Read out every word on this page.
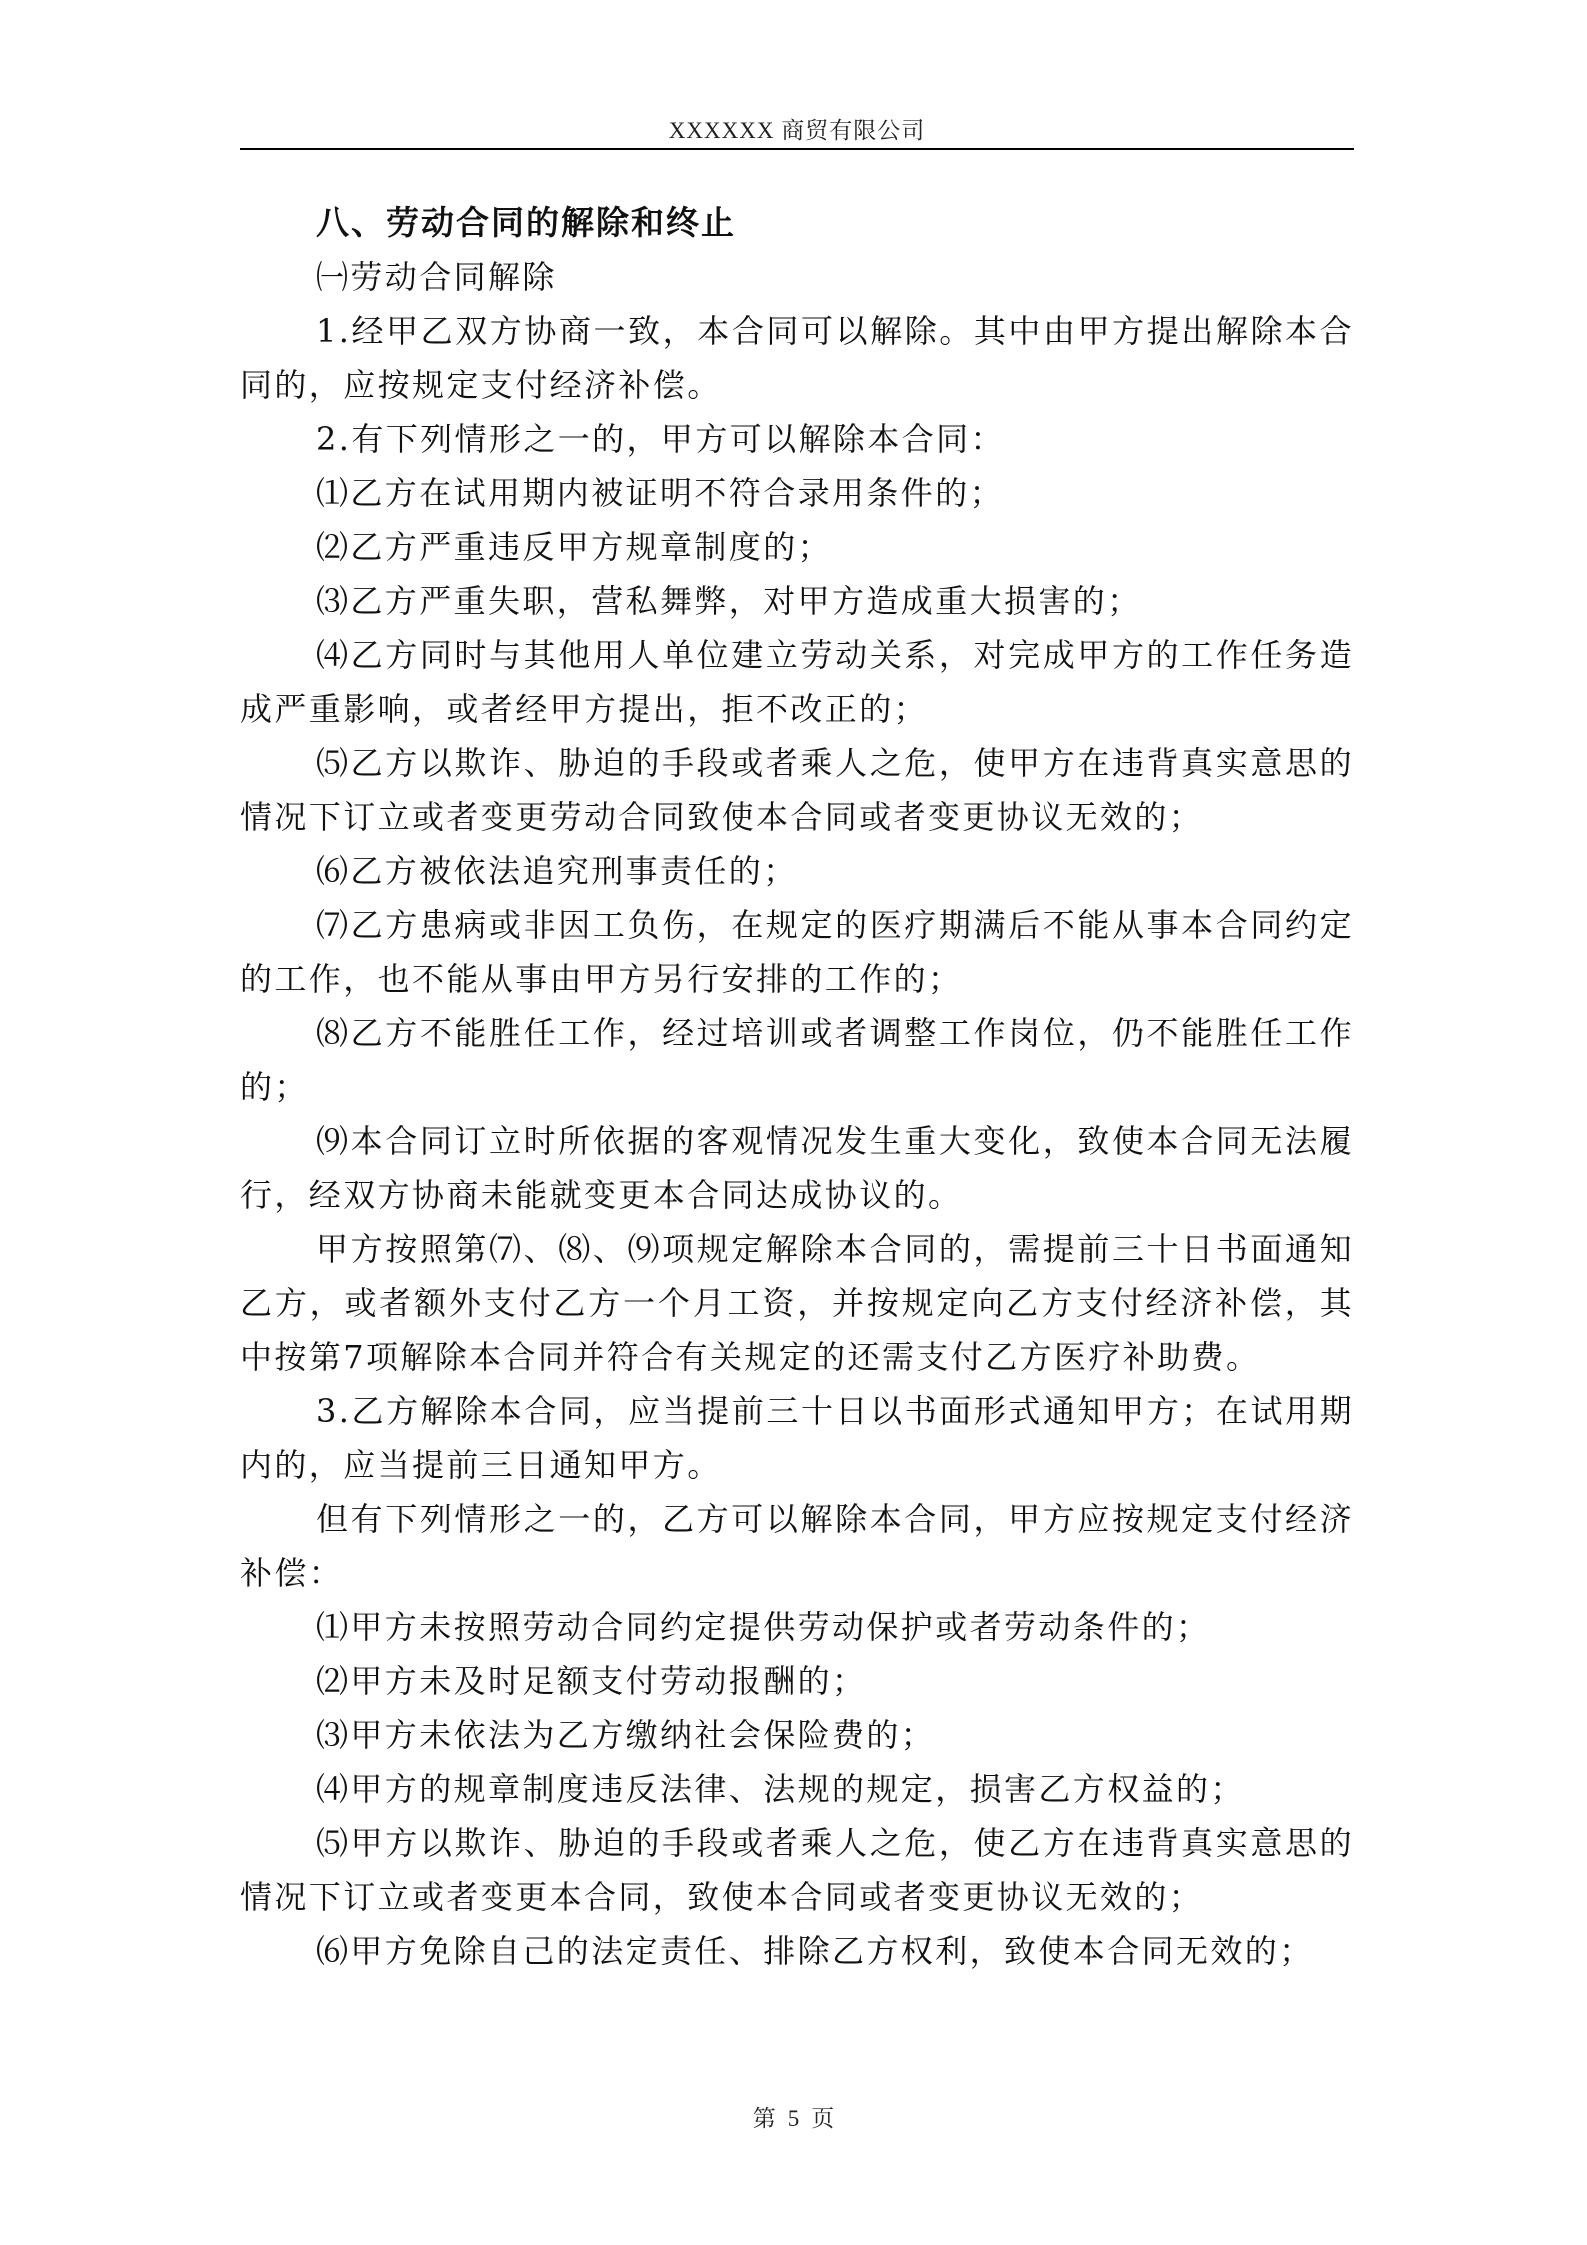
XXXXXX 商贸有限公司

八、劳动合同的解除和终止

㈠劳动合同解除

1.经甲乙双方协商一致，本合同可以解除。其中由甲方提出解除本合同的，应按规定支付经济补偿。

2.有下列情形之一的，甲方可以解除本合同：

⑴乙方在试用期内被证明不符合录用条件的；

⑵乙方严重违反甲方规章制度的；

⑶乙方严重失职，营私舞弊，对甲方造成重大损害的；

⑷乙方同时与其他用人单位建立劳动关系，对完成甲方的工作任务造成严重影响，或者经甲方提出，拒不改正的；

⑸乙方以欺诈、胁迫的手段或者乘人之危，使甲方在违背真实意思的情况下订立或者变更劳动合同致使本合同或者变更协议无效的；

⑹乙方被依法追究刑事责任的；

⑺乙方患病或非因工负伤，在规定的医疗期满后不能从事本合同约定的工作，也不能从事由甲方另行安排的工作的；

⑻乙方不能胜任工作，经过培训或者调整工作岗位，仍不能胜任工作的；

⑼本合同订立时所依据的客观情况发生重大变化，致使本合同无法履行，经双方协商未能就变更本合同达成协议的。

甲方按照第⑺、⑻、⑼项规定解除本合同的，需提前三十日书面通知乙方，或者额外支付乙方一个月工资，并按规定向乙方支付经济补偿，其中按第7项解除本合同并符合有关规定的还需支付乙方医疗补助费。

3.乙方解除本合同，应当提前三十日以书面形式通知甲方；在试用期内的，应当提前三日通知甲方。

但有下列情形之一的，乙方可以解除本合同，甲方应按规定支付经济补偿：

⑴甲方未按照劳动合同约定提供劳动保护或者劳动条件的；

⑵甲方未及时足额支付劳动报酬的；

⑶甲方未依法为乙方缴纳社会保险费的；

⑷甲方的规章制度违反法律、法规的规定，损害乙方权益的；

⑸甲方以欺诈、胁迫的手段或者乘人之危，使乙方在违背真实意思的情况下订立或者变更本合同，致使本合同或者变更协议无效的；

⑹甲方免除自己的法定责任、排除乙方权利，致使本合同无效的；

第 5 页
